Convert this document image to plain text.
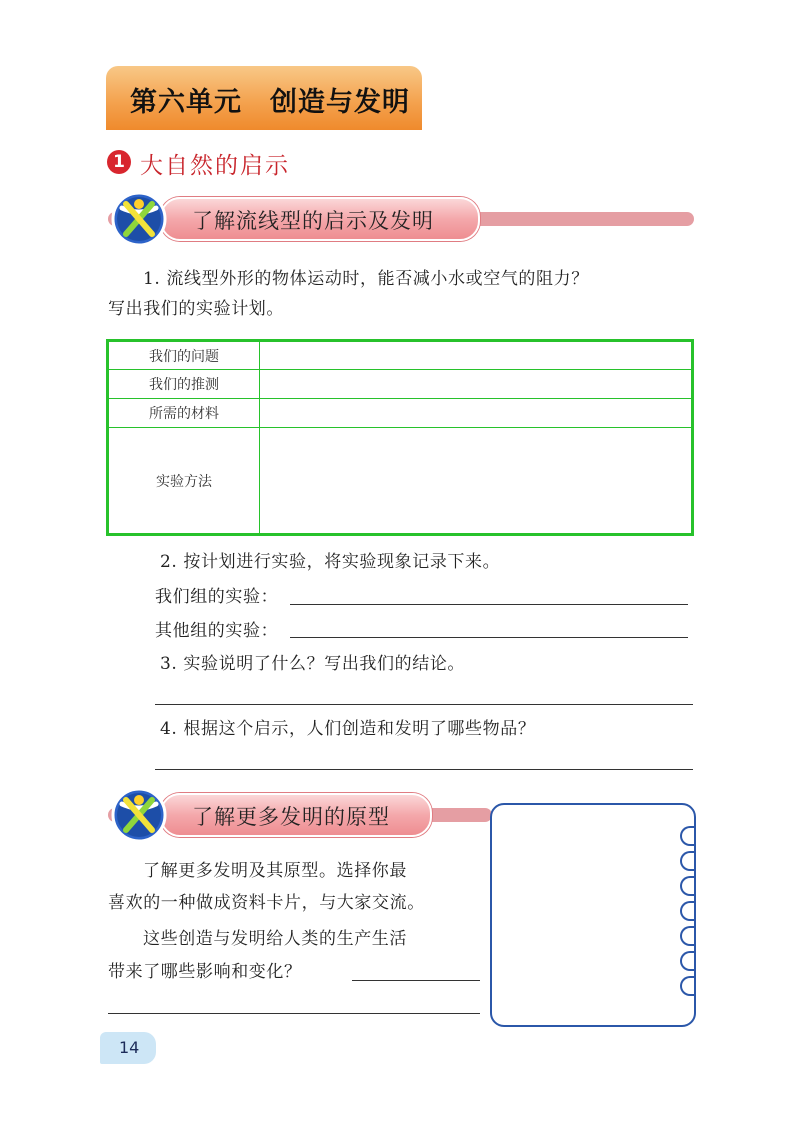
第六单元　创造与发明
1 大自然的启示
了解流线型的启示及发明
1. 流线型外形的物体运动时，能否减小水或空气的阻力？
写出我们的实验计划。
我们的问题	
我们的推测	
所需的材料	
实验方法	
2. 按计划进行实验，将实验现象记录下来。
我们组的实验：
其他组的实验：
3. 实验说明了什么？写出我们的结论。
4. 根据这个启示，人们创造和发明了哪些物品？
了解更多发明的原型
了解更多发明及其原型。选择你最
喜欢的一种做成资料卡片，与大家交流。
这些创造与发明给人类的生产生活
带来了哪些影响和变化？
14
